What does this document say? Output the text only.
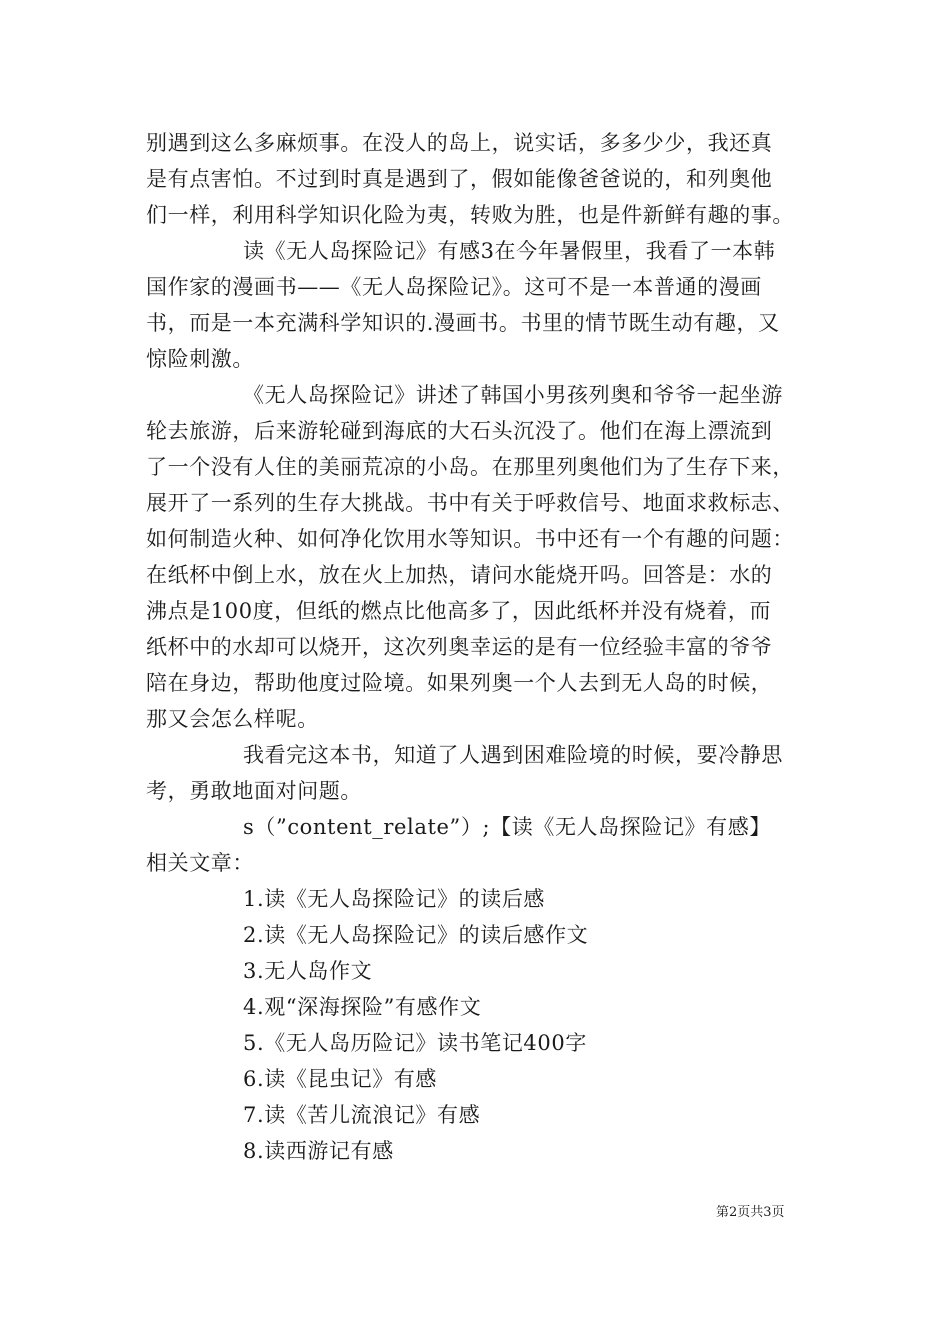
别遇到这么多麻烦事。在没人的岛上，说实话，多多少少，我还真
是有点害怕。不过到时真是遇到了，假如能像爸爸说的，和列奥他
们一样，利用科学知识化险为夷，转败为胜，也是件新鲜有趣的事。
读《无人岛探险记》有感3在今年暑假里，我看了一本韩
国作家的漫画书——《无人岛探险记》。这可不是一本普通的漫画
书，而是一本充满科学知识的.漫画书。书里的情节既生动有趣，又
惊险刺激。
《无人岛探险记》讲述了韩国小男孩列奥和爷爷一起坐游
轮去旅游，后来游轮碰到海底的大石头沉没了。他们在海上漂流到
了一个没有人住的美丽荒凉的小岛。在那里列奥他们为了生存下来，
展开了一系列的生存大挑战。书中有关于呼救信号、地面求救标志、
如何制造火种、如何净化饮用水等知识。书中还有一个有趣的问题：
在纸杯中倒上水，放在火上加热，请问水能烧开吗。回答是：水的
沸点是100度，但纸的燃点比他高多了，因此纸杯并没有烧着，而
纸杯中的水却可以烧开，这次列奥幸运的是有一位经验丰富的爷爷
陪在身边，帮助他度过险境。如果列奥一个人去到无人岛的时候，
那又会怎么样呢。
我看完这本书，知道了人遇到困难险境的时候，要冷静思
考，勇敢地面对问题。
s（”content_relate”）;【读《无人岛探险记》有感】
相关文章：
1.读《无人岛探险记》的读后感
2.读《无人岛探险记》的读后感作文
3.无人岛作文
4.观“深海探险”有感作文
5.《无人岛历险记》读书笔记400字
6.读《昆虫记》有感
7.读《苦儿流浪记》有感
8.读西游记有感
第2页共3页
